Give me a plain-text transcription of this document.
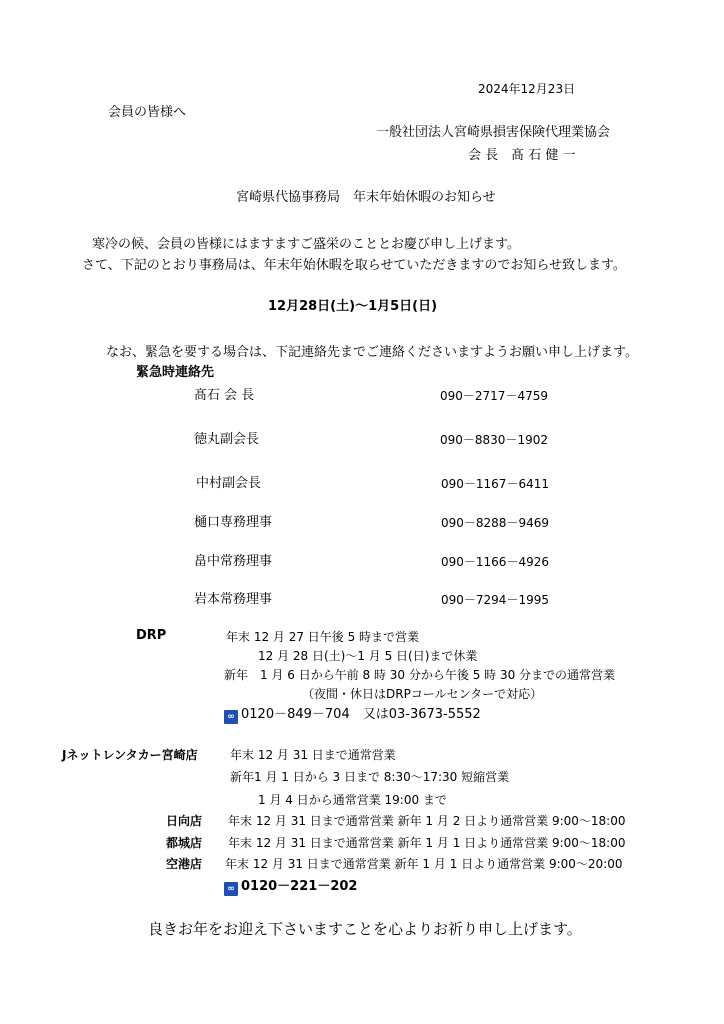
2024年12月23日
会員の皆様へ
一般社団法人宮崎県損害保険代理業協会
会 長　髙 石 健 一
宮崎県代協事務局　年末年始休暇のお知らせ
寒冷の候、会員の皆様にはますますご盛栄のこととお慶び申し上げます。
さて、下記のとおり事務局は、年末年始休暇を取らせていただきますのでお知らせ致します。
12月28日(土)～1月5日(日)
なお、緊急を要する場合は、下記連絡先までご連絡くださいますようお願い申し上げます。
緊急時連絡先
髙石 会 長	090－2717－4759
徳丸副会長	090－8830－1902
中村副会長	090－1167－6411
樋口専務理事	090－8288－9469
畠中常務理事	090－1166－4926
岩本常務理事	090－7294－1995
DRP	年末 12 月 27 日午後 5 時まで営業
12 月 28 日(土)～1 月 5 日(日)まで休業
新年　1 月 6 日から午前 8 時 30 分から午後 5 時 30 分までの通常営業
（夜間・休日はDRPコールセンターで対応）
∞ 0120－849－704　又は03-3673-5552
Jネットレンタカー宮崎店	年末 12 月 31 日まで通常営業
新年1 月 1 日から 3 日まで 8:30～17:30 短縮営業
1 月 4 日から通常営業 19:00 まで
日向店 年末 12 月 31 日まで通常営業 新年 1 月 2 日より通常営業 9:00～18:00
都城店 年末 12 月 31 日まで通常営業 新年 1 月 1 日より通常営業 9:00～18:00
空港店 年末 12 月 31 日まで通常営業 新年 1 月 1 日より通常営業 9:00～20:00
∞ 0120－221－202
良きお年をお迎え下さいますことを心よりお祈り申し上げます。
